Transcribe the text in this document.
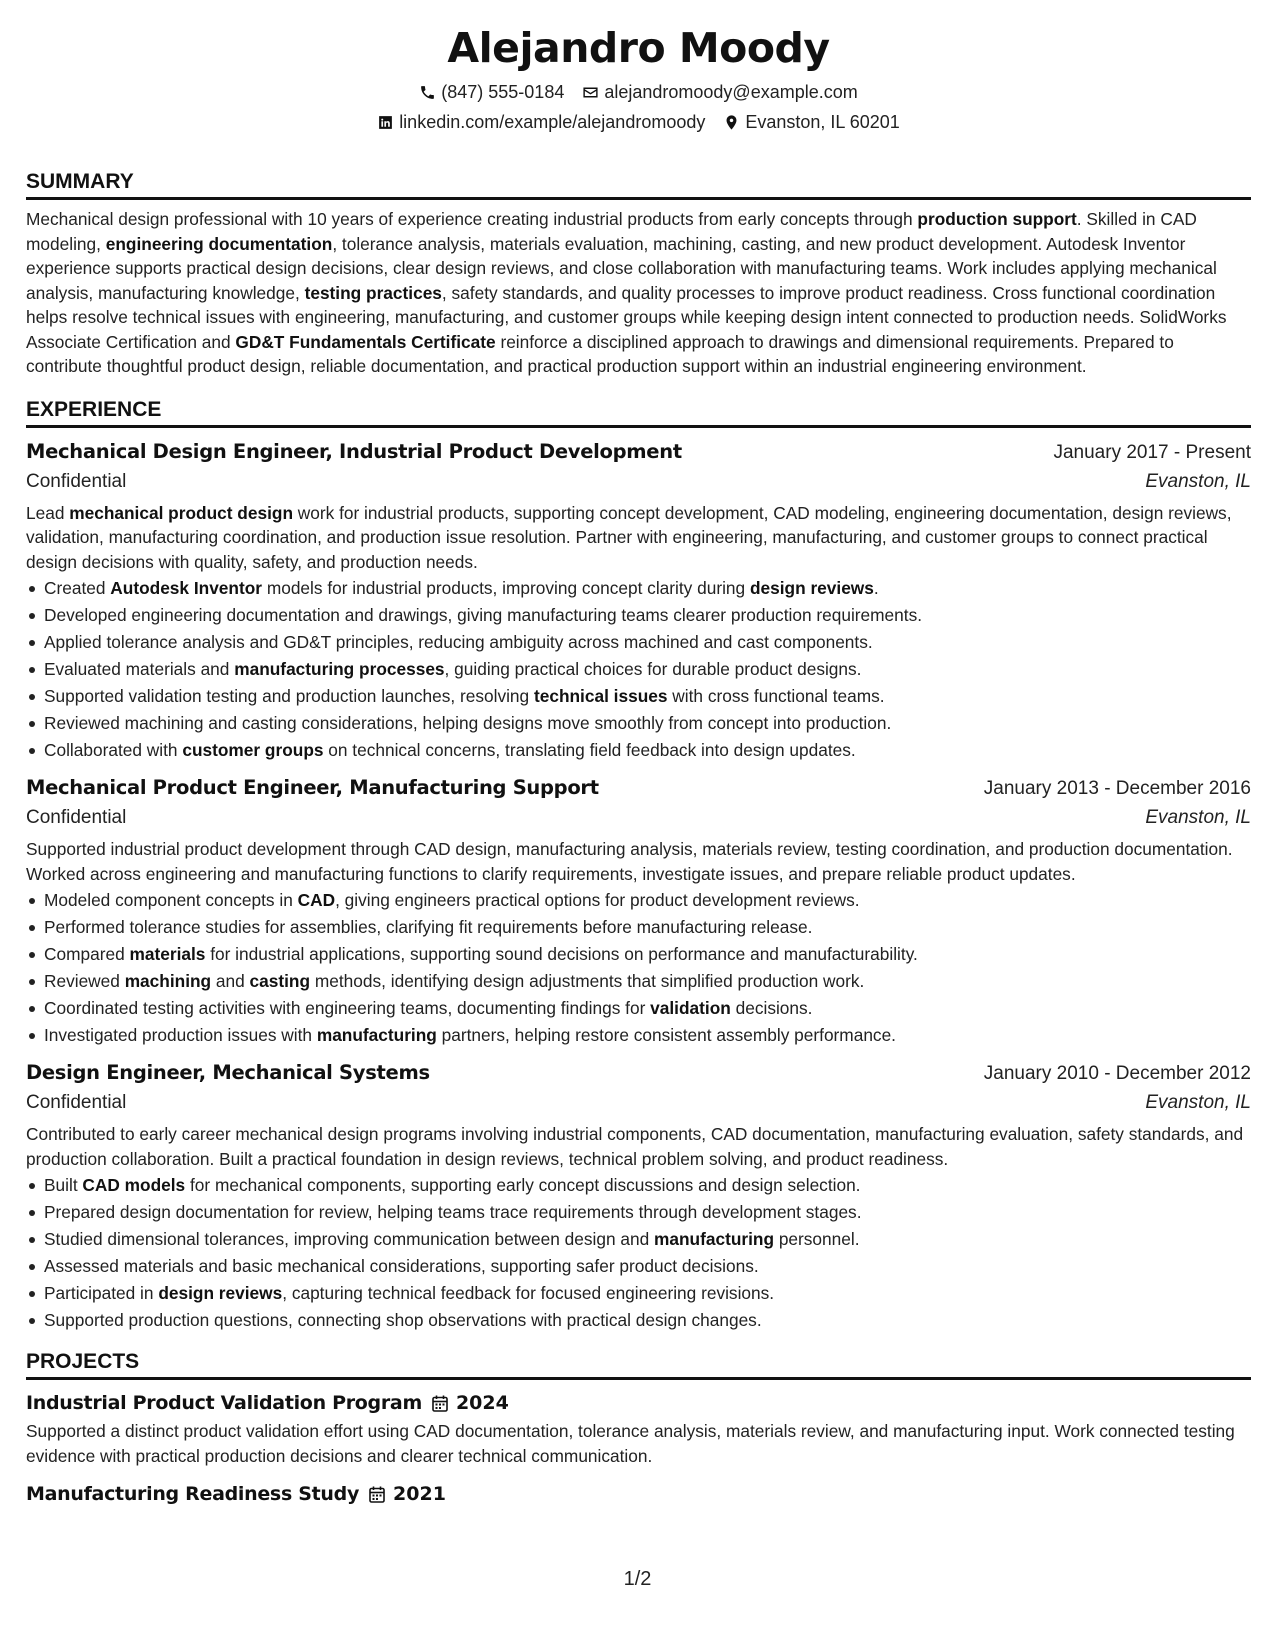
Alejandro Moody
(847) 555-0184 alejandromoody@example.com
linkedin.com/example/alejandromoody Evanston, IL 60201
SUMMARY

Mechanical design professional with 10 years of experience creating industrial products from early concepts through production support. Skilled in CAD modeling, engineering documentation, tolerance analysis, materials evaluation, machining, casting, and new product development. Autodesk Inventor experience supports practical design decisions, clear design reviews, and close collaboration with manufacturing teams. Work includes applying mechanical analysis, manufacturing knowledge, testing practices, safety standards, and quality processes to improve product readiness. Cross functional coordination helps resolve technical issues with engineering, manufacturing, and customer groups while keeping design intent connected to production needs. SolidWorks Associate Certification and GD&T Fundamentals Certificate reinforce a disciplined approach to drawings and dimensional requirements. Prepared to contribute thoughtful product design, reliable documentation, and practical production support within an industrial engineering environment.

EXPERIENCE
Mechanical Design Engineer, Industrial Product Development	January 2017 - Present
Confidential	Evanston, IL

Lead mechanical product design work for industrial products, supporting concept development, CAD modeling, engineering documentation, design reviews, validation, manufacturing coordination, and production issue resolution. Partner with engineering, manufacturing, and customer groups to connect practical design decisions with quality, safety, and production needs.

Created Autodesk Inventor models for industrial products, improving concept clarity during design reviews.
Developed engineering documentation and drawings, giving manufacturing teams clearer production requirements.
Applied tolerance analysis and GD&T principles, reducing ambiguity across machined and cast components.
Evaluated materials and manufacturing processes, guiding practical choices for durable product designs.
Supported validation testing and production launches, resolving technical issues with cross functional teams.
Reviewed machining and casting considerations, helping designs move smoothly from concept into production.
Collaborated with customer groups on technical concerns, translating field feedback into design updates.
Mechanical Product Engineer, Manufacturing Support	January 2013 - December 2016
Confidential	Evanston, IL

Supported industrial product development through CAD design, manufacturing analysis, materials review, testing coordination, and production documentation. Worked across engineering and manufacturing functions to clarify requirements, investigate issues, and prepare reliable product updates.

Modeled component concepts in CAD, giving engineers practical options for product development reviews.
Performed tolerance studies for assemblies, clarifying fit requirements before manufacturing release.
Compared materials for industrial applications, supporting sound decisions on performance and manufacturability.
Reviewed machining and casting methods, identifying design adjustments that simplified production work.
Coordinated testing activities with engineering teams, documenting findings for validation decisions.
Investigated production issues with manufacturing partners, helping restore consistent assembly performance.
Design Engineer, Mechanical Systems	January 2010 - December 2012
Confidential	Evanston, IL

Contributed to early career mechanical design programs involving industrial components, CAD documentation, manufacturing evaluation, safety standards, and production collaboration. Built a practical foundation in design reviews, technical problem solving, and product readiness.

Built CAD models for mechanical components, supporting early concept discussions and design selection.
Prepared design documentation for review, helping teams trace requirements through development stages.
Studied dimensional tolerances, improving communication between design and manufacturing personnel.
Assessed materials and basic mechanical considerations, supporting safer product decisions.
Participated in design reviews, capturing technical feedback for focused engineering revisions.
Supported production questions, connecting shop observations with practical design changes.
PROJECTS
Industrial Product Validation Program 2024

Supported a distinct product validation effort using CAD documentation, tolerance analysis, materials review, and manufacturing input. Work connected testing evidence with practical production decisions and clearer technical communication.

Manufacturing Readiness Study 2021
1/2
